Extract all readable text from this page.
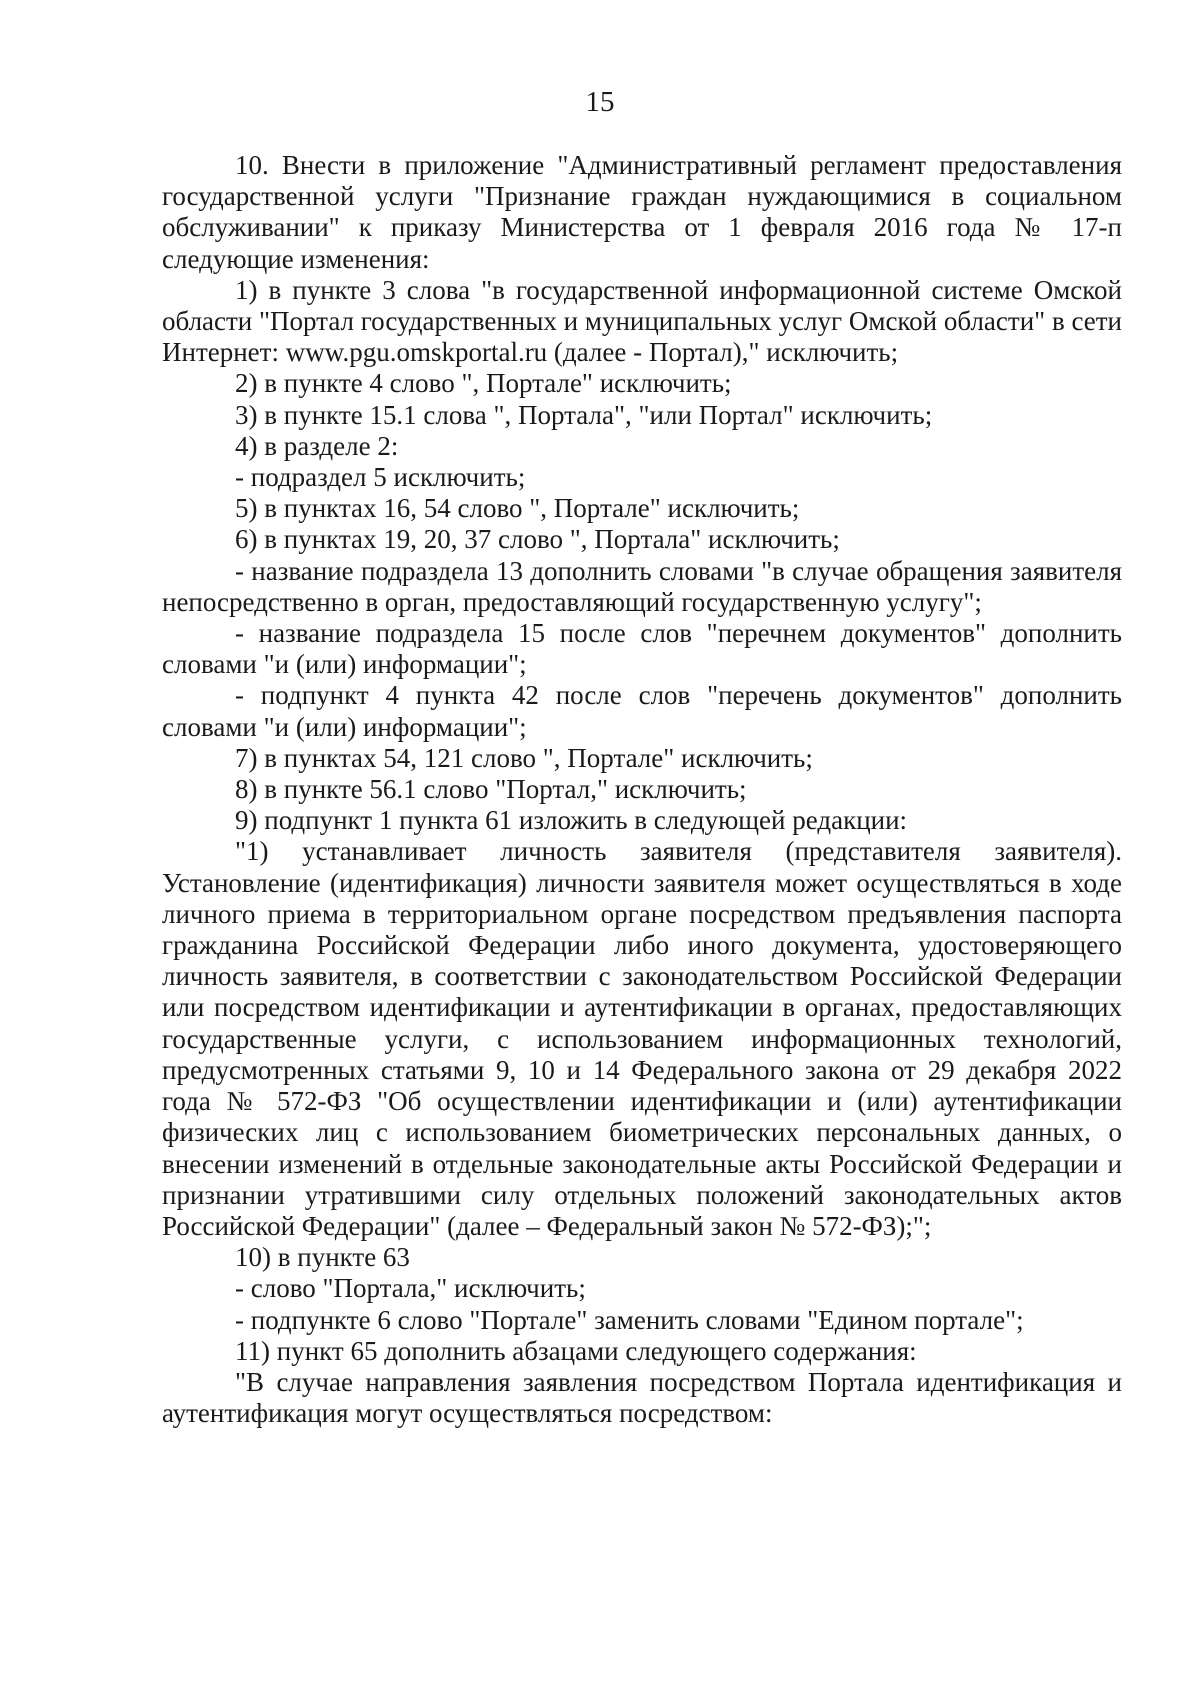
15

10. Внести в приложение "Административный регламент предоставления государственной услуги "Признание граждан нуждающимися в социальном обслуживании" к приказу Министерства от 1 февраля 2016 года № 17-п следующие изменения:

1) в пункте 3 слова "в государственной информационной системе Омской области "Портал государственных и муниципальных услуг Омской области" в сети Интернет: www.pgu.omskportal.ru (далее - Портал)," исключить;

2) в пункте 4 слово ", Портале" исключить;

3) в пункте 15.1 слова ", Портала", "или Портал" исключить;

4) в разделе 2:

- подраздел 5 исключить;

5) в пунктах 16, 54 слово ", Портале" исключить;

6) в пунктах 19, 20, 37 слово ", Портала" исключить;

- название подраздела 13 дополнить словами "в случае обращения заявителя непосредственно в орган, предоставляющий государственную услугу";

- название подраздела 15 после слов "перечнем документов" дополнить словами "и (или) информации";

- подпункт 4 пункта 42 после слов "перечень документов" дополнить словами "и (или) информации";

7) в пунктах 54, 121 слово ", Портале" исключить;

8) в пункте 56.1 слово "Портал," исключить;

9) подпункт 1 пункта 61 изложить в следующей редакции:

"1) устанавливает личность заявителя (представителя заявителя). Установление (идентификация) личности заявителя может осуществляться в ходе личного приема в территориальном органе посредством предъявления паспорта гражданина Российской Федерации либо иного документа, удостоверяющего личность заявителя, в соответствии с законодательством Российской Федерации или посредством идентификации и аутентификации в органах, предоставляющих государственные услуги, с использованием информационных технологий, предусмотренных статьями 9, 10 и 14 Федерального закона от 29 декабря 2022 года № 572-ФЗ "Об осуществлении идентификации и (или) аутентификации физических лиц с использованием биометрических персональных данных, о внесении изменений в отдельные законодательные акты Российской Федерации и признании утратившими силу отдельных положений законодательных актов Российской Федерации" (далее – Федеральный закон № 572-ФЗ);";

10) в пункте 63

- слово "Портала," исключить;

- подпункте 6 слово "Портале" заменить словами "Едином портале";

11) пункт 65 дополнить абзацами следующего содержания:

"В случае направления заявления посредством Портала идентификация и аутентификация могут осуществляться посредством:
